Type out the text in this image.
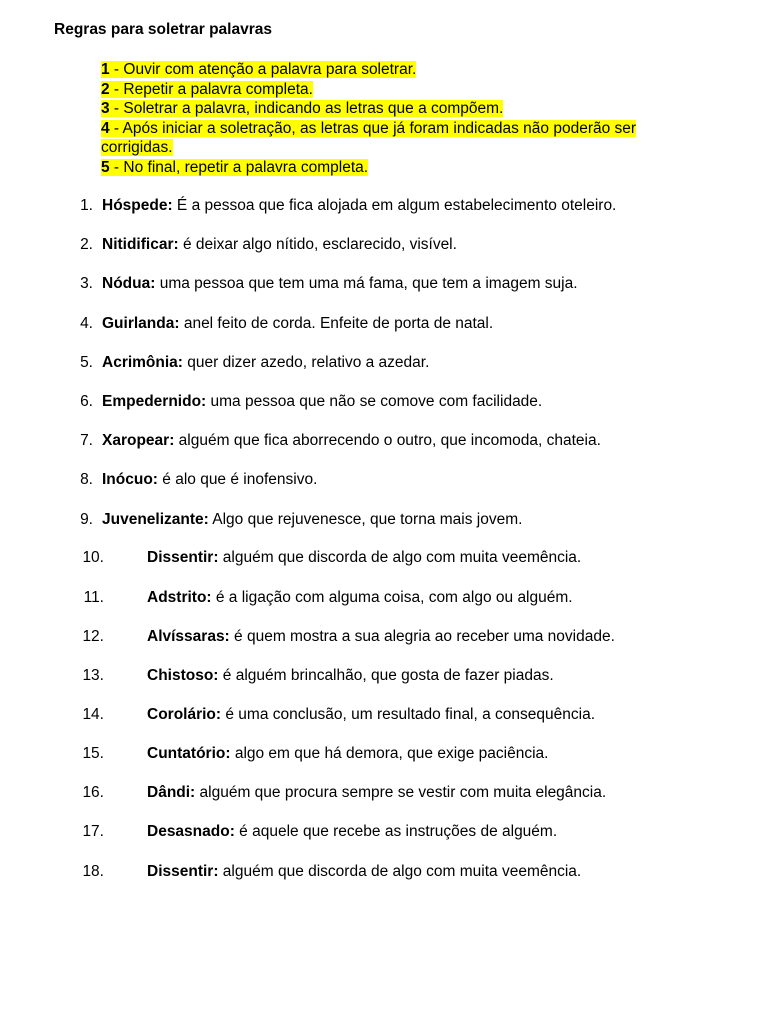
Regras para soletrar palavras
1 - Ouvir com atenção a palavra para soletrar.
2 - Repetir a palavra completa.
3 - Soletrar a palavra, indicando as letras que a compõem.
4 - Após iniciar a soletração, as letras que já foram indicadas não poderão ser corrigidas.
5 - No final, repetir a palavra completa.
1. Hóspede: É a pessoa que fica alojada em algum estabelecimento oteleiro.
2. Nitidificar: é deixar algo nítido, esclarecido, visível.
3. Nódua: uma pessoa que tem uma má fama, que tem a imagem suja.
4. Guirlanda: anel feito de corda. Enfeite de porta de natal.
5. Acrimônia: quer dizer azedo, relativo a azedar.
6. Empedernido: uma pessoa que não se comove com facilidade.
7. Xaropear: alguém que fica aborrecendo o outro, que incomoda, chateia.
8. Inócuo: é alo que é inofensivo.
9. Juvenelizante: Algo que rejuvenesce, que torna mais jovem.
10.	Dissentir: alguém que discorda de algo com muita veemência.
11.	Adstrito: é a ligação com alguma coisa, com algo ou alguém.
12.	Alvíssaras: é quem mostra a sua alegria ao receber uma novidade.
13.	Chistoso: é alguém brincalhão, que gosta de fazer piadas.
14.	Corolário: é uma conclusão, um resultado final, a consequência.
15.	Cuntatório: algo em que há demora, que exige paciência.
16.	Dândi: alguém que procura sempre se vestir com muita elegância.
17.	Desasnado: é aquele que recebe as instruções de alguém.
18.	Dissentir: alguém que discorda de algo com muita veemência.
